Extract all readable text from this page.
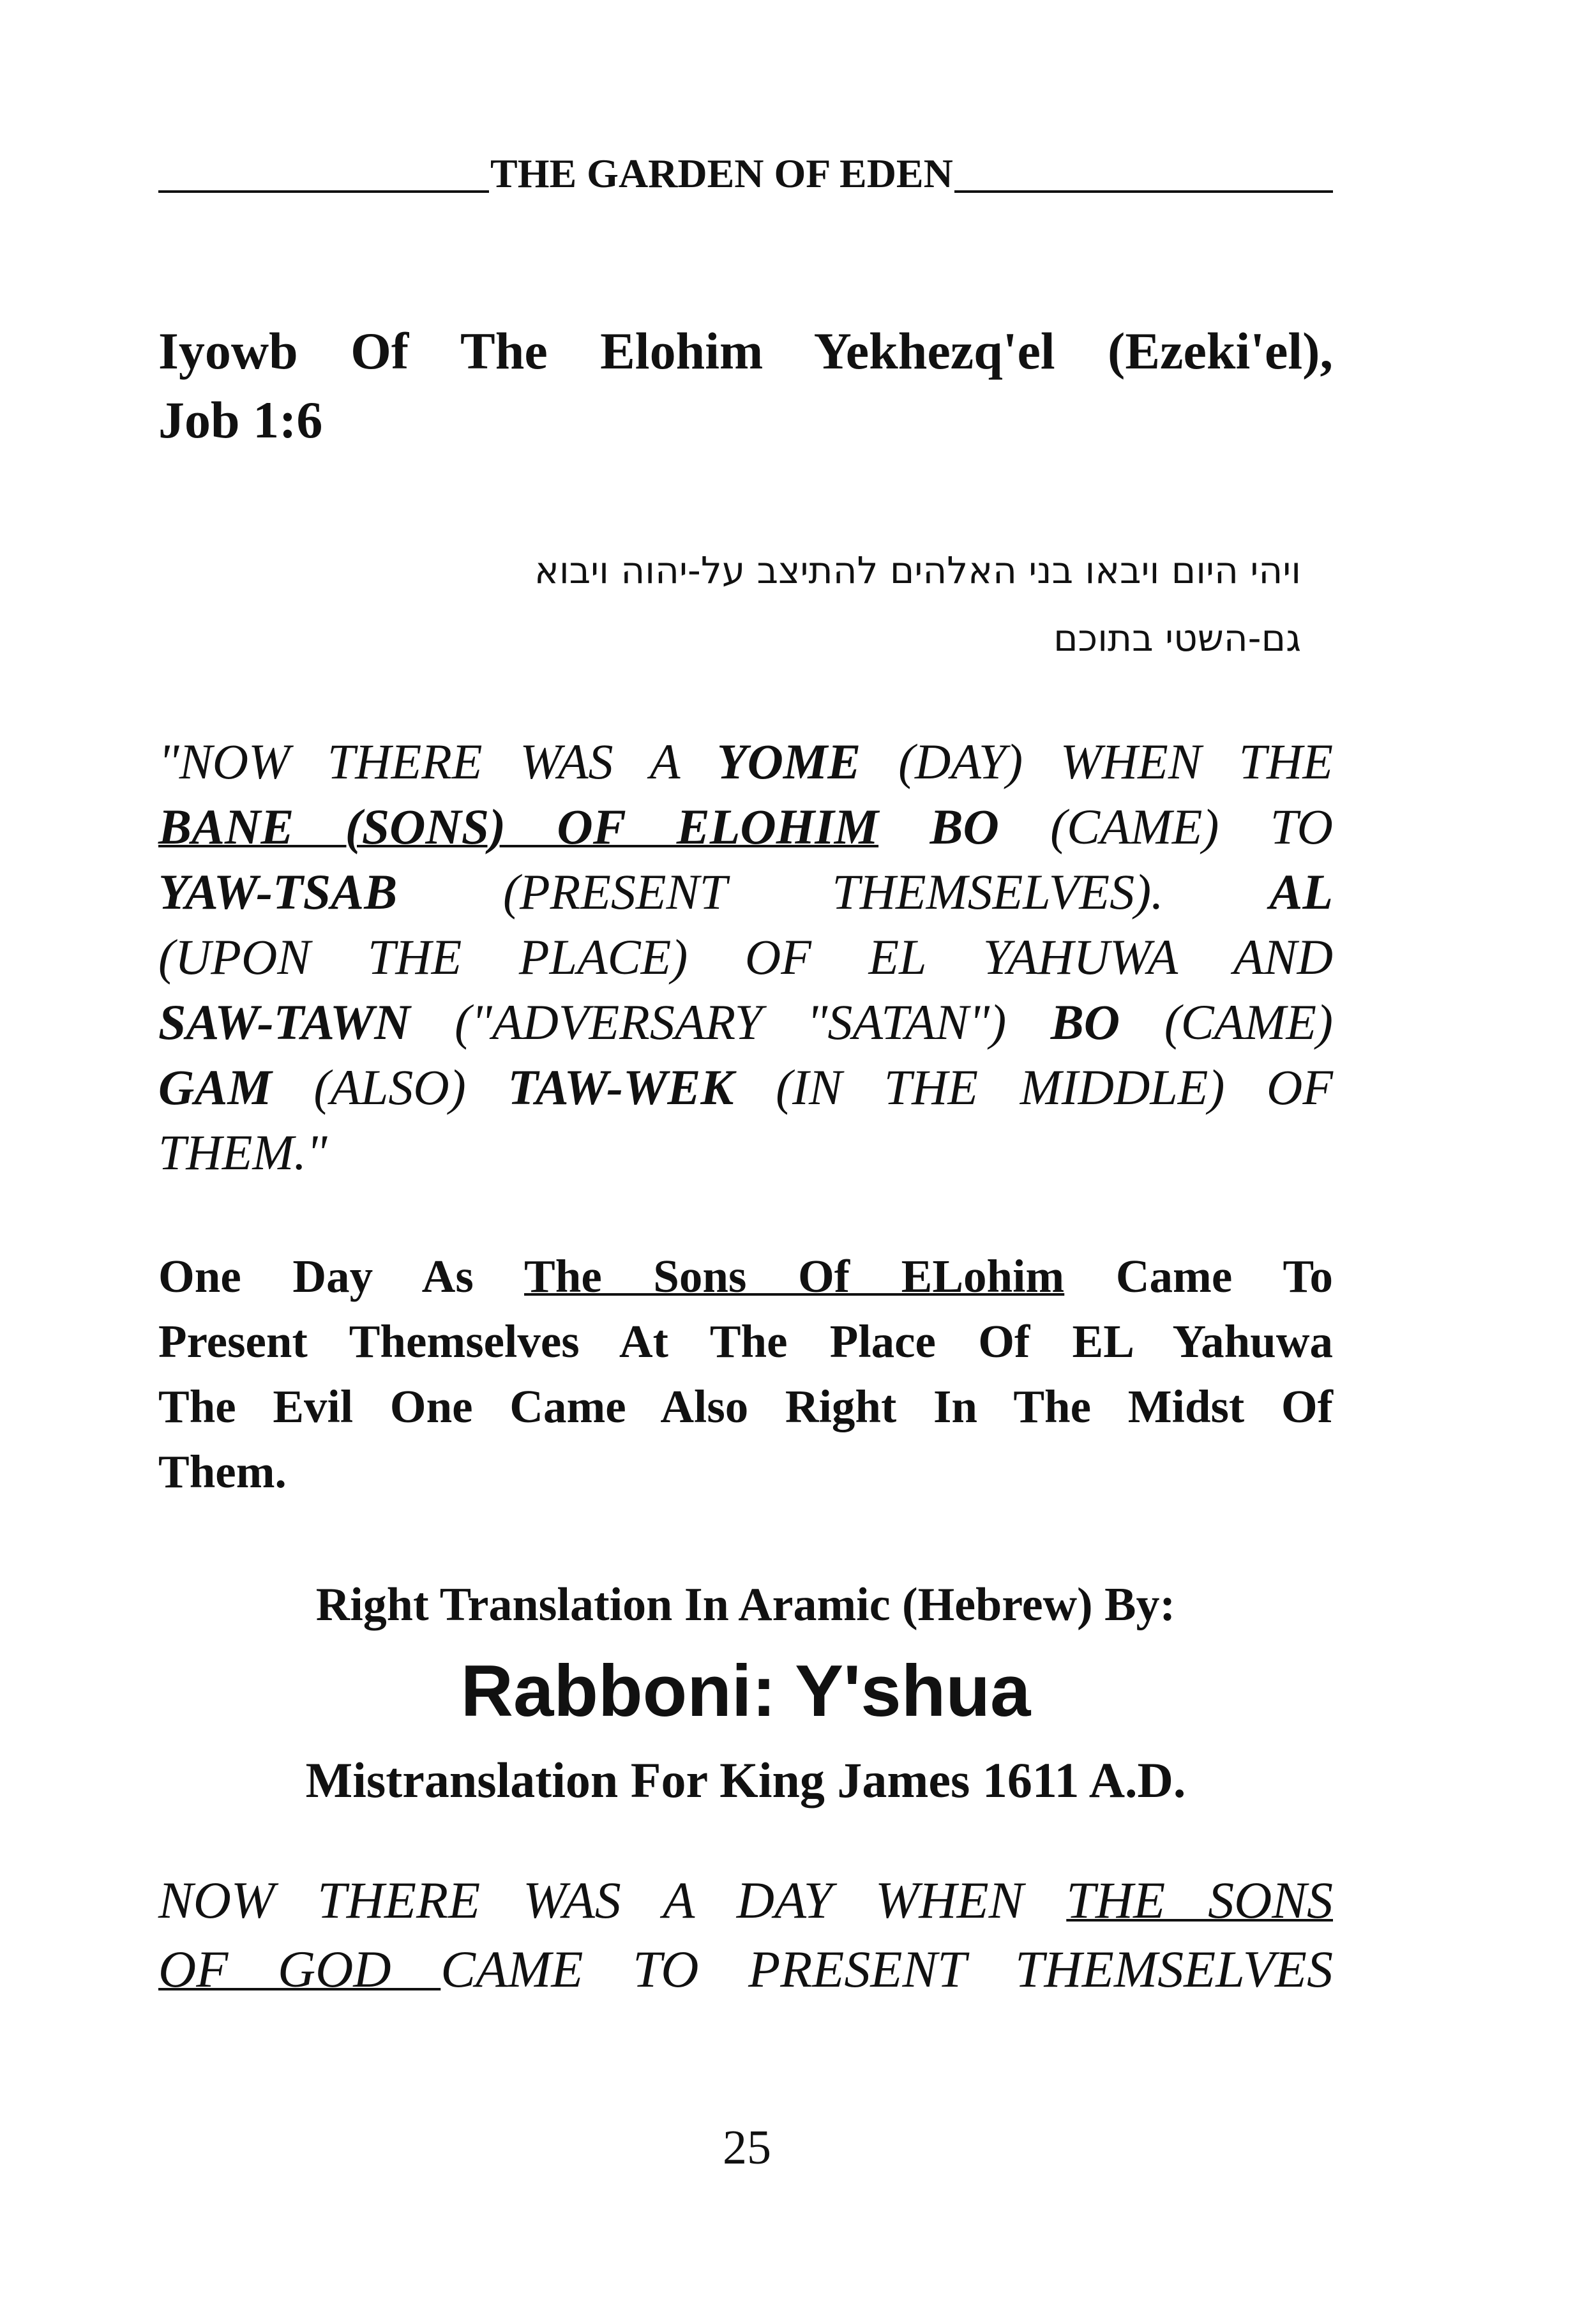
THE GARDEN OF EDEN
Iyowb Of The Elohim Yekhezq'el (Ezeki'el),
Job 1:6
ויהי היום ויבאו בני האלהים להתיצב על-יהוה ויבוא
גם-השטי בתוכם
"NOW THERE WAS A YOME (DAY) WHEN THE
BANE (SONS) OF ELOHIM BO (CAME) TO
YAW-TSAB (PRESENT THEMSELVES). AL
(UPON THE PLACE) OF EL YAHUWA AND
SAW-TAWN ("ADVERSARY "SATAN") BO (CAME)
GAM (ALSO) TAW-WEK (IN THE MIDDLE) OF
THEM."
One Day As The Sons Of ELohim Came To
Present Themselves At The Place Of EL Yahuwa
The Evil One Came Also Right In The Midst Of
Them.
Right Translation In Aramic (Hebrew) By:
Rabboni: Y'shua
Mistranslation For King James 1611 A.D.
NOW THERE WAS A DAY WHEN THE SONS
OF GOD CAME TO PRESENT THEMSELVES
25
